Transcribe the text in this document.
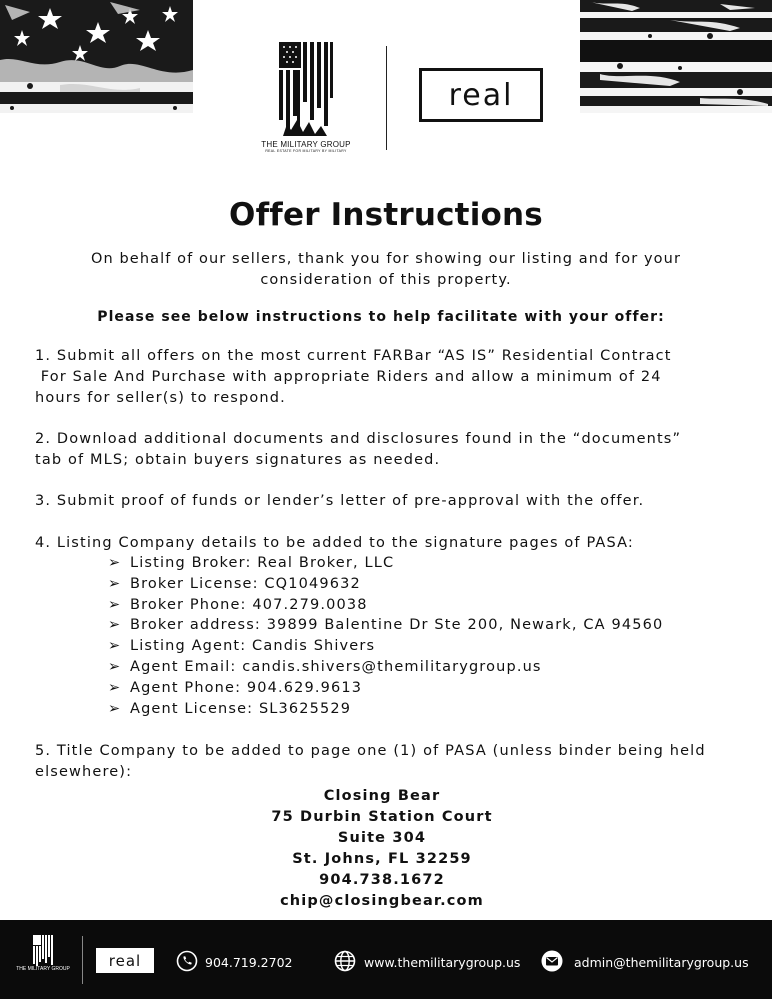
THE MILITARY GROUP
REAL ESTATE FOR MILITARY BY MILITARY
real
Offer Instructions
On behalf of our sellers, thank you for showing our listing and for your consideration of this property.
Please see below instructions to help facilitate with your offer:
1. Submit all offers on the most current FARBar “AS IS” Residential Contract
For Sale And Purchase with appropriate Riders and allow a minimum of 24
hours for seller(s) to respond.
2. Download additional documents and disclosures found in the “documents”
tab of MLS; obtain buyers signatures as needed.
3. Submit proof of funds or lender’s letter of pre-approval with the offer.
4. Listing Company details to be added to the signature pages of PASA:
➢ Listing Broker: Real Broker, LLC
➢ Broker License: CQ1049632
➢ Broker Phone: 407.279.0038
➢ Broker address: 39899 Balentine Dr Ste 200, Newark, CA 94560
➢ Listing Agent: Candis Shivers
➢ Agent Email: candis.shivers@themilitarygroup.us
➢ Agent Phone: 904.629.9613
➢ Agent License: SL3625529
5. Title Company to be added to page one (1) of PASA (unless binder being held
elsewhere):
Closing Bear
75 Durbin Station Court
Suite 304
St. Johns, FL 32259
904.738.1672
chip@closingbear.com
THE MILITARY GROUP	real	904.719.2702	www.themilitarygroup.us	admin@themilitarygroup.us
